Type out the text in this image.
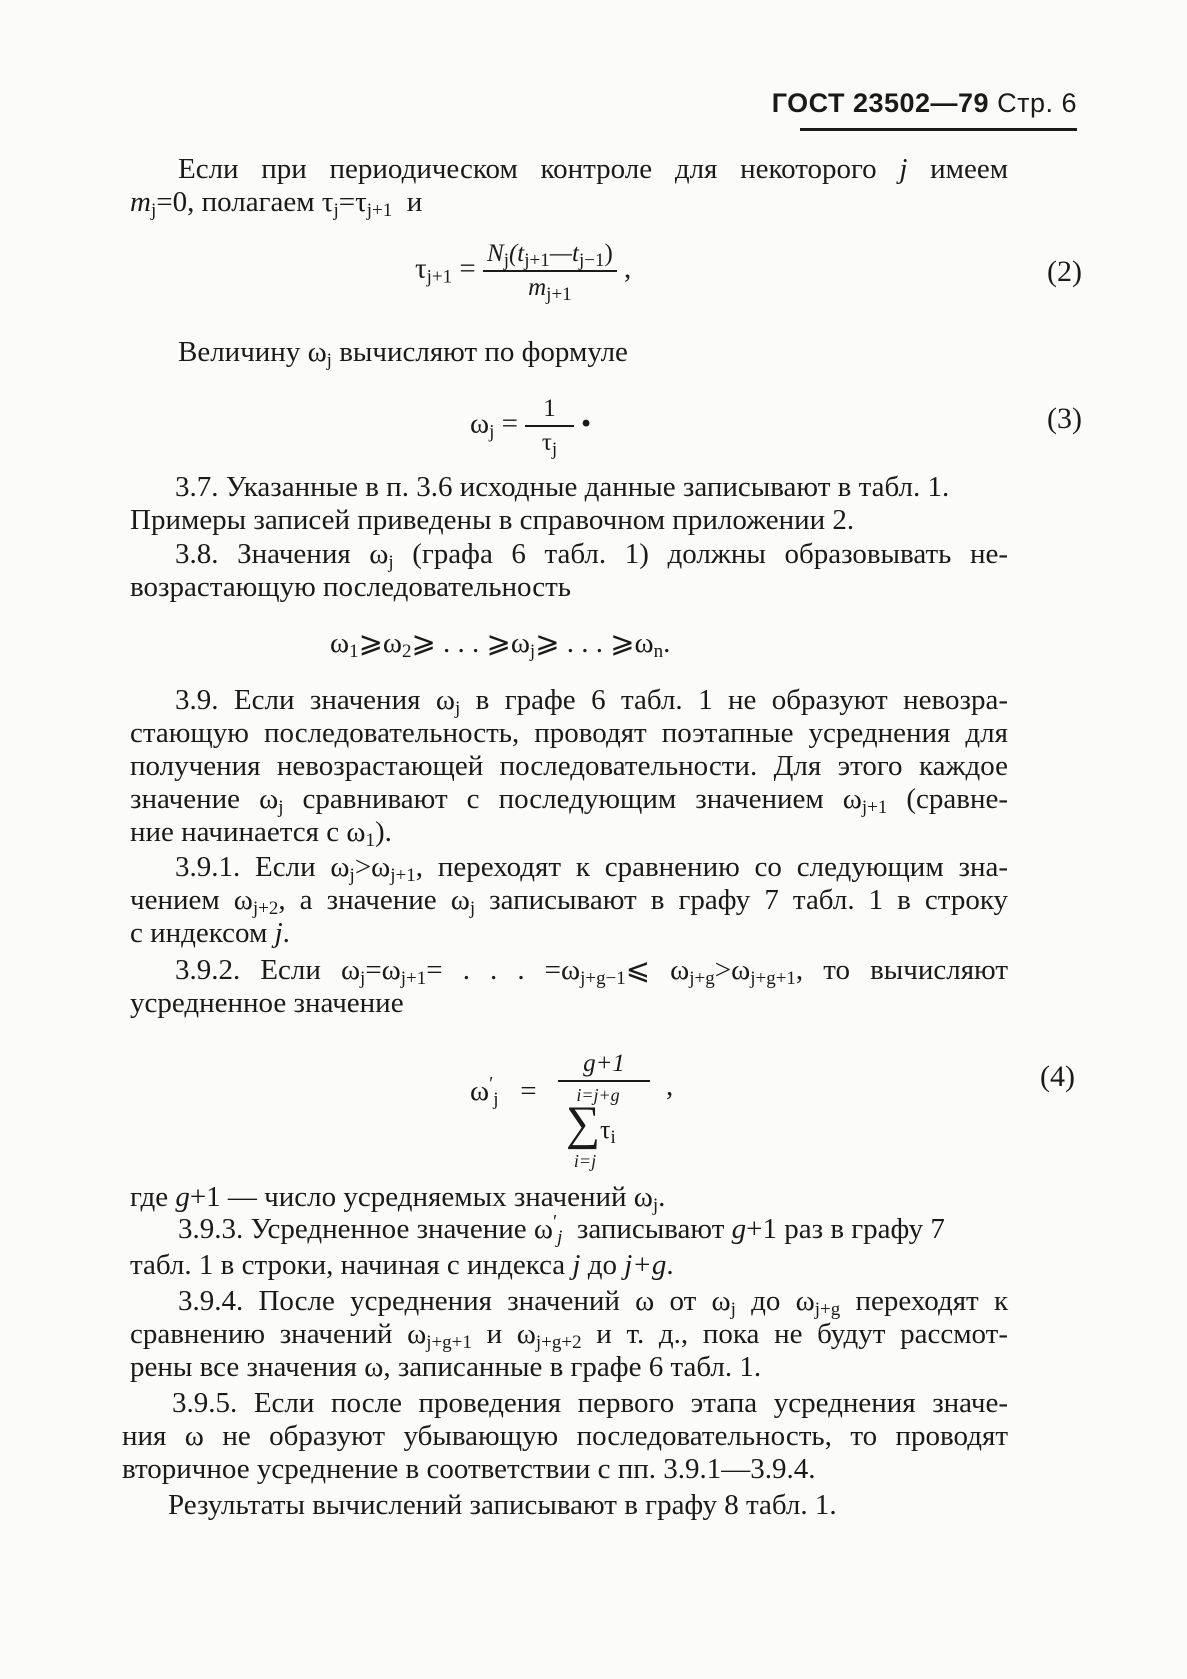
ГОСТ 23502—79 Стр. 6
Если при периодическом контроле для некоторого j имеем
$m_j=0$, полагаем $\tau_j=\tau_{j+1}$ и
$\tau_{j+1} = \frac{N_j(t_{j+1}—t_{j-1})}{m_{j+1}}$ ,	(2)
Величину $\omega_j$ вычисляют по формуле
$\omega_j = \frac{1}{\tau_j}$ •	(3)
3.7. Указанные в п. 3.6 исходные данные записывают в табл. 1.
Примеры записей приведены в справочном приложении 2.
3.8. Значения $\omega_j$ (графа 6 табл. 1) должны образовывать не-
возрастающую последовательность
$\omega_1⩾\omega_2⩾$ . . . $⩾\omega_j⩾$ . . . $⩾\omega_n$.
3.9. Если значения $\omega_j$ в графе 6 табл. 1 не образуют невозра-
стающую последовательность, проводят поэтапные усреднения для
получения невозрастающей последовательности. Для этого каждое
значение $\omega_j$ сравнивают с последующим значением $\omega_{j+1}$ (сравне-
ние начинается с $\omega_1$).
3.9.1. Если $\omega_j>\omega_{j+1}$, переходят к сравнению со следующим зна-
чением $\omega_{j+2}$, а значение $\omega_j$ записывают в графу 7 табл. 1 в строку
с индексом j.
3.9.2. Если $\omega_j=\omega_{j+1}=$ . . . $=\omega_{j+g-1}⩽$ $\omega_{j+g}>\omega_{j+g+1}$, то вычисляют
усредненное значение
$\omega'_j$ =
g+1
i=j+g
∑ $\tau_i$
i=j
,	(4)
где g+1 — число усредняемых значений $\omega_j$.
3.9.3. Усредненное значение $\omega'_j$ записывают g+1 раз в графу 7
табл. 1 в строки, начиная с индекса j до j+g.
3.9.4. После усреднения значений ω от $\omega_j$ до $\omega_{j+g}$ переходят к
сравнению значений $\omega_{j+g+1}$ и $\omega_{j+g+2}$ и т. д., пока не будут рассмот-
рены все значения ω, записанные в графе 6 табл. 1.
3.9.5. Если после проведения первого этапа усреднения значе-
ния ω не образуют убывающую последовательность, то проводят
вторичное усреднение в соответствии с пп. 3.9.1—3.9.4.
Результаты вычислений записывают в графу 8 табл. 1.
